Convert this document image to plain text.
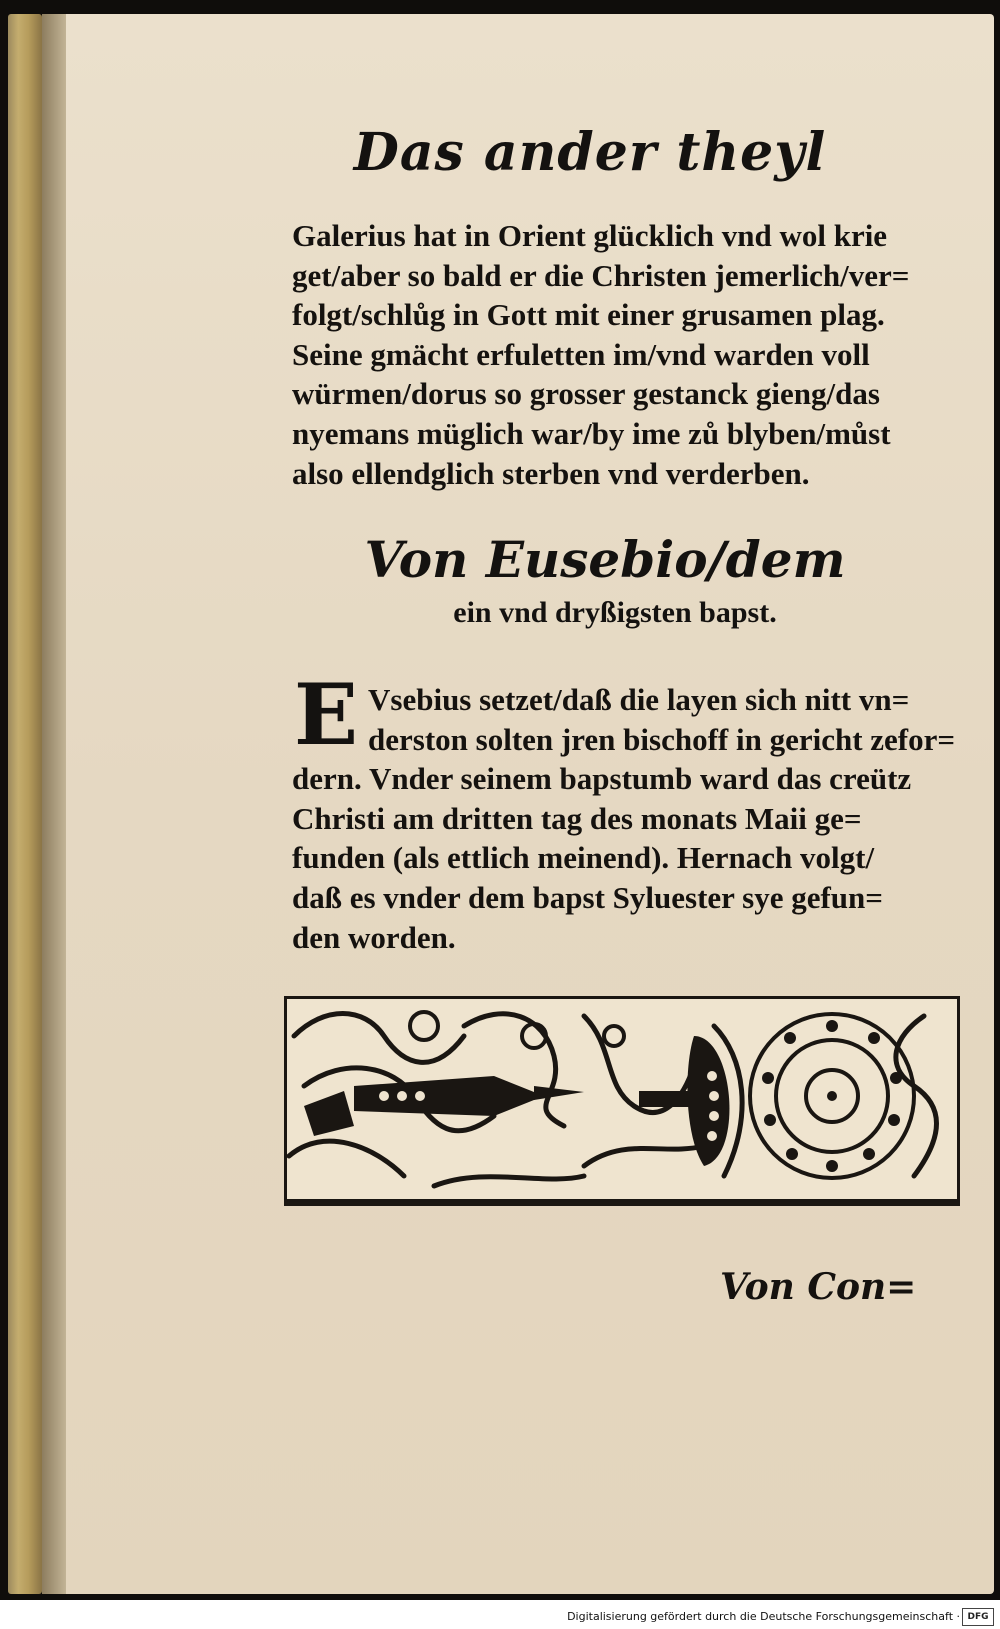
Das ander theyl
Galerius hat in Orient glücklich vnd wol krie
get/aber so bald er die Christen jemerlich/ver=
folgt/schlůg in Gott mit einer grusamen plag.
Seine gmächt erfuletten im/vnd warden voll
würmen/dorus so grosser gestanck gieng/das
nyemans müglich war/by ime zů blyben/můst
also ellendglich sterben vnd verderben.
Von Eusebio/dem
ein vnd dryßigsten bapst.
E Vsebius setzet/daß die layen sich nitt vn=
derston solten jren bischoff in gericht zefor=
dern. Vnder seinem bapstumb ward das creütz
Christi am dritten tag des monats Maii ge=
funden (als ettlich meinend). Hernach volgt/
daß es vnder dem bapst Syluester sye gefun=
den worden.
Von Con=
Digitalisierung gefördert durch die Deutsche Forschungsgemeinschaft · DFG
